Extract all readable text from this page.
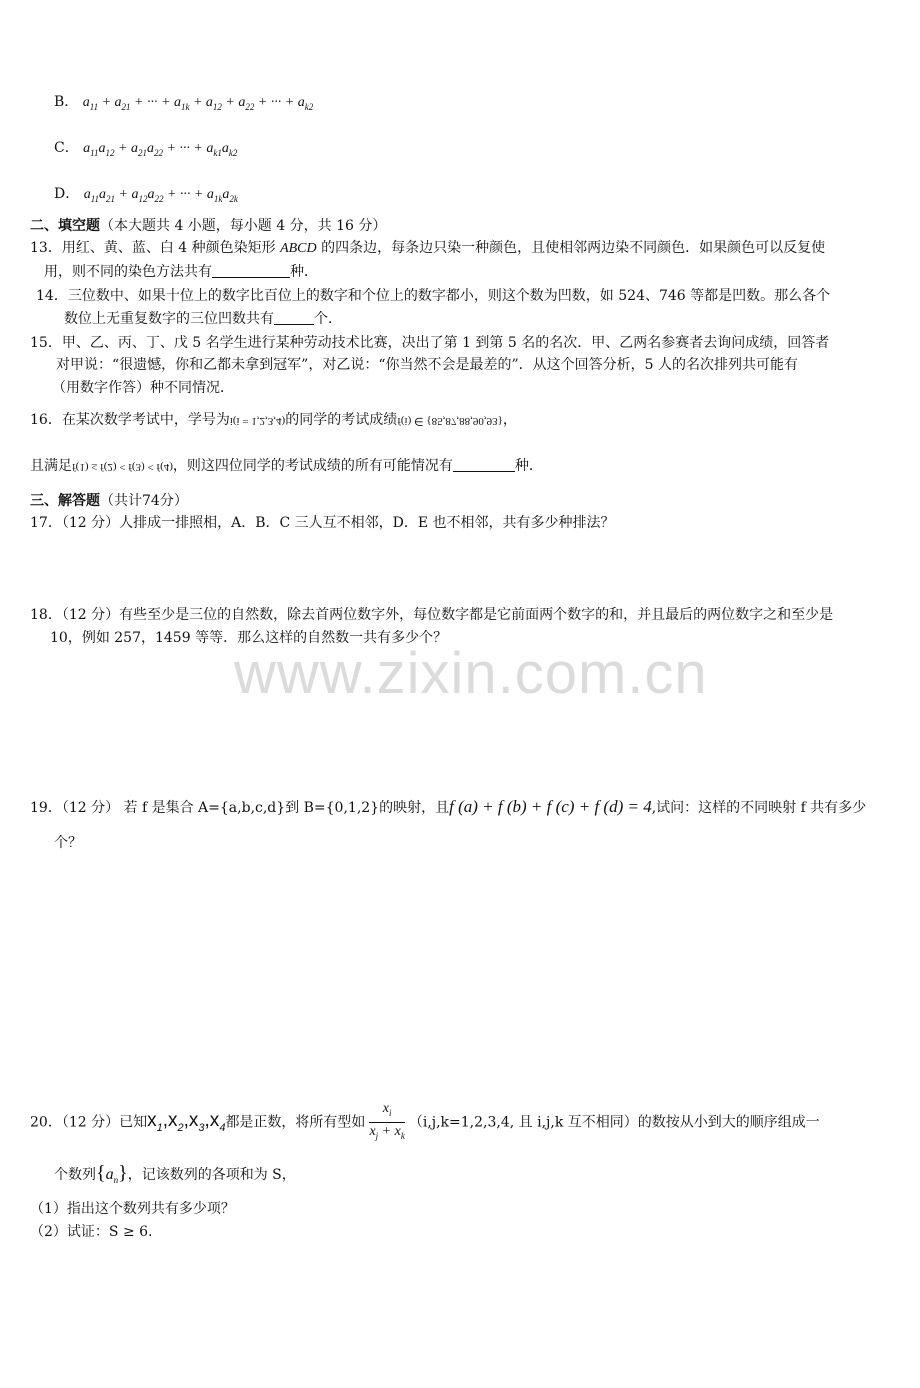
B． $a_{11} + a_{21}$ + ··· + $a_{1k} + a_{12} + a_{22}$ + ··· + $a_{k2}$
C． $a_{11}a_{12} + a_{21}a_{22}$ + ··· + $a_{k1}a_{k2}$
D． $a_{11}a_{21} + a_{12}a_{22}$ + ··· + $a_{1k}a_{2k}$
二、填空题（本大题共 4 小题，每小题 4 分，共 16 分）
13．用红、黄、蓝、白 4 种颜色染矩形 ABCD 的四条边，每条边只染一种颜色，且使相邻两边染不同颜色．如果颜色可以反复使
用，则不同的染色方法共有	种．
14．三位数中、如果十位上的数字比百位上的数字和个位上的数字都小，则这个数为凹数，如 524、746 等都是凹数。那么各个
数位上无重复数字的三位凹数共有	个．
15．甲、乙、丙、丁、戊 5 名学生进行某种劳动技术比赛，决出了第 1 到第 5 名的名次．甲、乙两名参赛者去询问成绩，回答者
对甲说：“很遗憾，你和乙都未拿到冠军”，对乙说：“你当然不会是最差的”．从这个回答分析，5 人的名次排列共可能有
（用数字作答）种不同情况．
16．在某次数学考试中，学号为i(i = 1,2,3,4)的同学的考试成绩f(i) ∈ {85,87,88,90,93}，
且满足f(1) ≤ f(2) < f(3) < f(4)，则这四位同学的考试成绩的所有可能情况有	种．
三、解答题（共计74分）
17．（12 分）人排成一排照相，A．B．C 三人互不相邻，D．E 也不相邻，共有多少种排法？
18．（12 分）有些至少是三位的自然数，除去首两位数字外，每位数字都是它前面两个数字的和，并且最后的两位数字之和至少是
10，例如 257，1459 等等．那么这样的自然数一共有多少个？
www.zixin.com.cn
19．（12 分） 若 f 是集合 A={a,b,c,d}到 B={0,1,2}的映射，且f (a) + f (b) + f (c) + f (d) = 4,试问：这样的不同映射 f 共有多少
个？
20．（12 分）已知$x_1,x_2,x_3,x_4$都是正数，将所有型如 $\frac{x_i}{x_j + x_k} (i,j,k=1,2,3,4$, 且 i,j,k 互不相同）的数按从小到大的顺序组成一
个数列$\{a_n\}$，记该数列的各项和为 S，
（1）指出这个数列共有多少项？
（2）试证：S ≥ 6.
